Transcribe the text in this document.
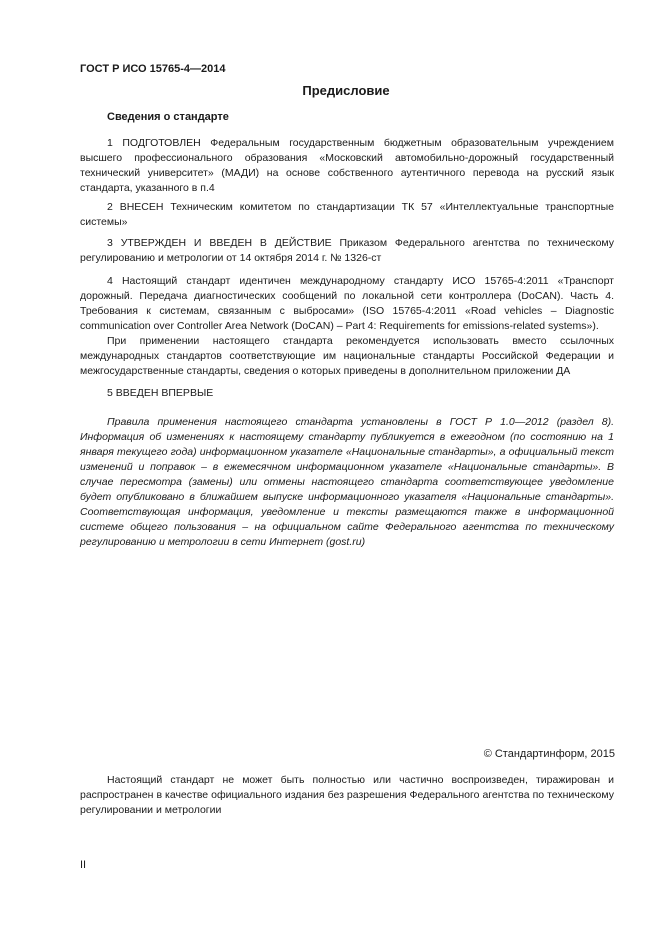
ГОСТ Р ИСО 15765-4—2014
Предисловие
Сведения о стандарте

1 ПОДГОТОВЛЕН Федеральным государственным бюджетным образовательным учреждением высшего профессионального образования «Московский автомобильно-дорожный государственный технический университет» (МАДИ) на основе собственного аутентичного перевода на русский язык стандарта, указанного в п.4

2 ВНЕСЕН Техническим комитетом по стандартизации ТК 57 «Интеллектуальные транспортные системы»

3 УТВЕРЖДЕН И ВВЕДЕН В ДЕЙСТВИЕ Приказом Федерального агентства по техническому регулированию и метрологии от 14 октября 2014 г. № 1326-ст

4 Настоящий стандарт идентичен международному стандарту ИСО 15765-4:2011 «Транспорт дорожный. Передача диагностических сообщений по локальной сети контроллера (DoCAN). Часть 4. Требования к системам, связанным с выбросами» (ISO 15765-4:2011 «Road vehicles – Diagnostic communication over Controller Area Network (DoCAN) – Part 4: Requirements for emissions-related systems»).

При применении настоящего стандарта рекомендуется использовать вместо ссылочных международных стандартов соответствующие им национальные стандарты Российской Федерации и межгосударственные стандарты, сведения о которых приведены в дополнительном приложении ДА

5 ВВЕДЕН ВПЕРВЫЕ

Правила применения настоящего стандарта установлены в ГОСТ Р 1.0—2012 (раздел 8). Информация об изменениях к настоящему стандарту публикуется в ежегодном (по состоянию на 1 января текущего года) информационном указателе «Национальные стандарты», а официальный текст изменений и поправок – в ежемесячном информационном указателе «Национальные стандарты». В случае пересмотра (замены) или отмены настоящего стандарта соответствующее уведомление будет опубликовано в ближайшем выпуске информационного указателя «Национальные стандарты». Соответствующая информация, уведомление и тексты размещаются также в информационной системе общего пользования – на официальном сайте Федерального агентства по техническому регулированию и метрологии в сети Интернет (gost.ru)

© Стандартинформ, 2015

Настоящий стандарт не может быть полностью или частично воспроизведен, тиражирован и распространен в качестве официального издания без разрешения Федерального агентства по техническому регулировании и метрологии

II
